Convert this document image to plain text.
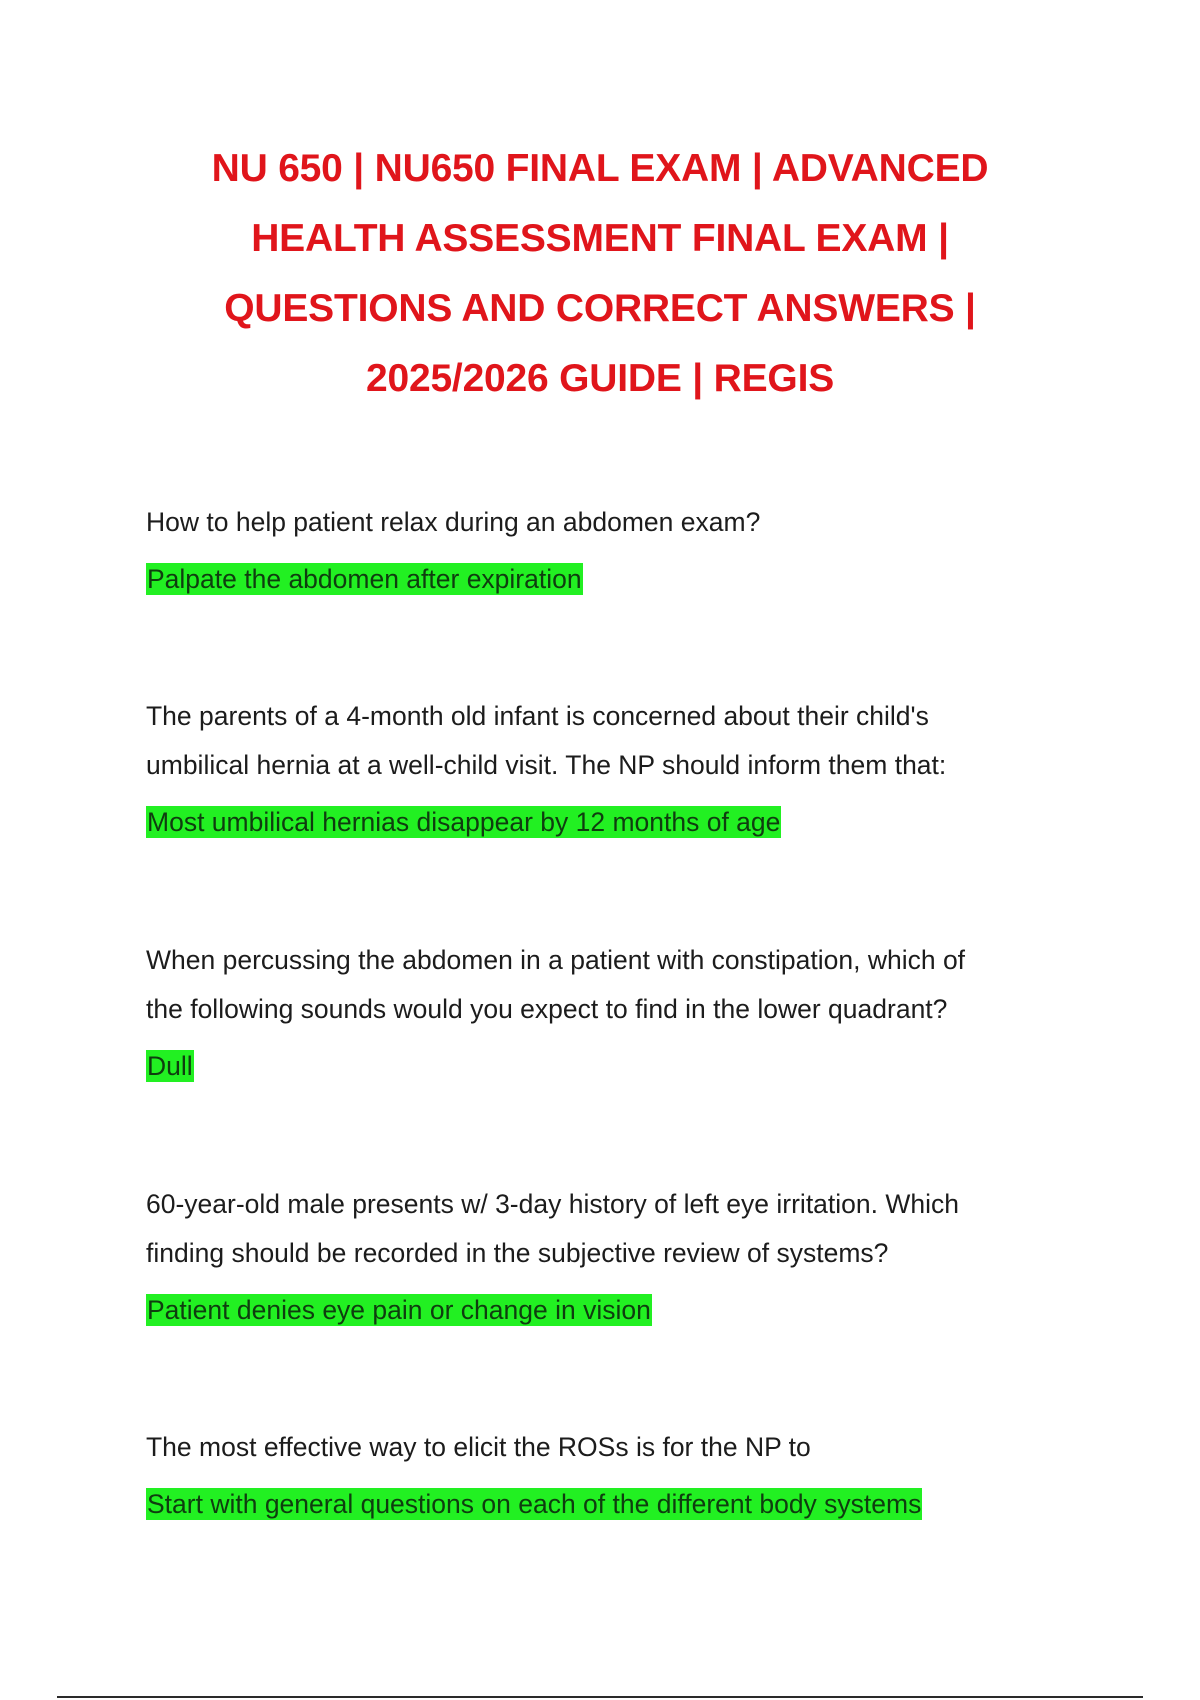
NU 650 | NU650 FINAL EXAM | ADVANCED
HEALTH ASSESSMENT FINAL EXAM |
QUESTIONS AND CORRECT ANSWERS |
2025/2026 GUIDE | REGIS
How to help patient relax during an abdomen exam?
Palpate the abdomen after expiration
The parents of a 4-month old infant is concerned about their child's
umbilical hernia at a well-child visit. The NP should inform them that:
Most umbilical hernias disappear by 12 months of age
When percussing the abdomen in a patient with constipation, which of
the following sounds would you expect to find in the lower quadrant?
Dull
60-year-old male presents w/ 3-day history of left eye irritation. Which
finding should be recorded in the subjective review of systems?
Patient denies eye pain or change in vision
The most effective way to elicit the ROSs is for the NP to
Start with general questions on each of the different body systems
